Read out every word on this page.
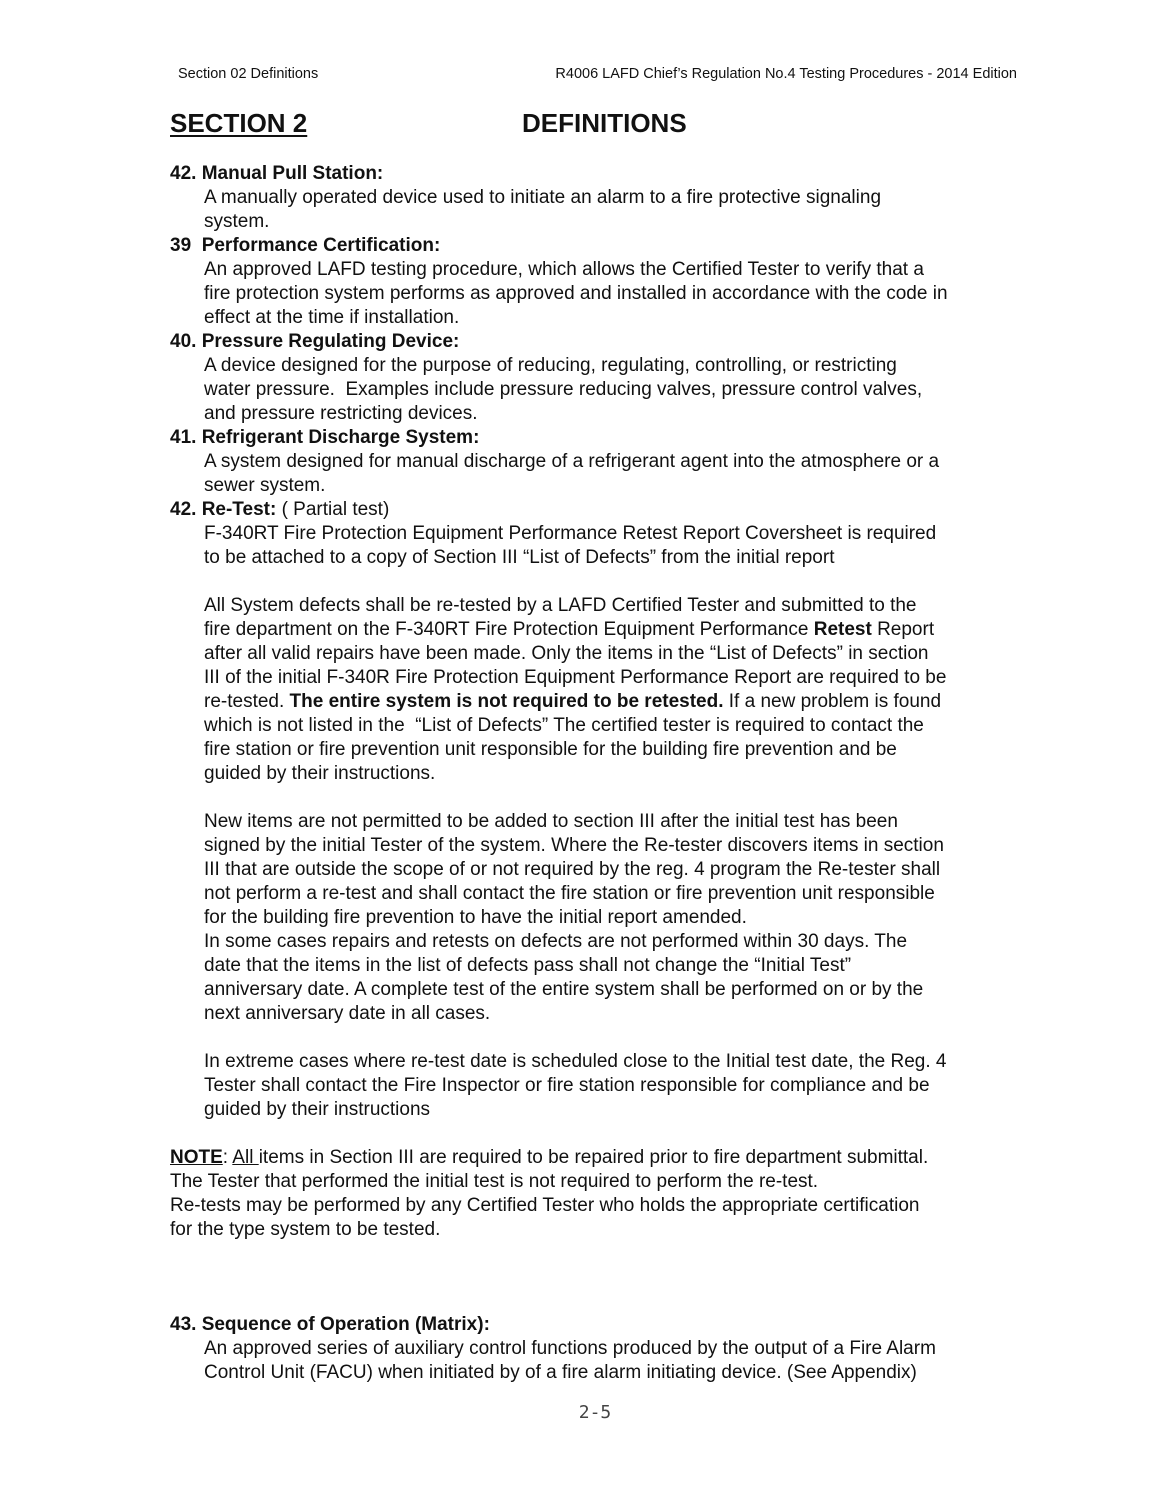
Section 02 Definitions	R4006 LAFD Chief’s Regulation No.4 Testing Procedures - 2014 Edition
SECTION 2	DEFINITIONS
42. Manual Pull Station:
A manually operated device used to initiate an alarm to a fire protective signaling
system.
39  Performance Certification:
An approved LAFD testing procedure, which allows the Certified Tester to verify that a
fire protection system performs as approved and installed in accordance with the code in
effect at the time if installation.
40. Pressure Regulating Device:
A device designed for the purpose of reducing, regulating, controlling, or restricting
water pressure.  Examples include pressure reducing valves, pressure control valves,
and pressure restricting devices.
41. Refrigerant Discharge System:
A system designed for manual discharge of a refrigerant agent into the atmosphere or a
sewer system.
42. Re-Test: ( Partial test)
F-340RT Fire Protection Equipment Performance Retest Report Coversheet is required
to be attached to a copy of Section III “List of Defects” from the initial report
All System defects shall be re-tested by a LAFD Certified Tester and submitted to the
fire department on the F-340RT Fire Protection Equipment Performance Retest Report
after all valid repairs have been made. Only the items in the “List of Defects” in section
III of the initial F-340R Fire Protection Equipment Performance Report are required to be
re-tested. The entire system is not required to be retested. If a new problem is found
which is not listed in the  “List of Defects” The certified tester is required to contact the
fire station or fire prevention unit responsible for the building fire prevention and be
guided by their instructions.
New items are not permitted to be added to section III after the initial test has been
signed by the initial Tester of the system. Where the Re-tester discovers items in section
III that are outside the scope of or not required by the reg. 4 program the Re-tester shall
not perform a re-test and shall contact the fire station or fire prevention unit responsible
for the building fire prevention to have the initial report amended.
In some cases repairs and retests on defects are not performed within 30 days. The
date that the items in the list of defects pass shall not change the “Initial Test”
anniversary date. A complete test of the entire system shall be performed on or by the
next anniversary date in all cases.
In extreme cases where re-test date is scheduled close to the Initial test date, the Reg. 4
Tester shall contact the Fire Inspector or fire station responsible for compliance and be
guided by their instructions
NOTE: All items in Section III are required to be repaired prior to fire department submittal.
The Tester that performed the initial test is not required to perform the re-test.
Re-tests may be performed by any Certified Tester who holds the appropriate certification
for the type system to be tested.
43. Sequence of Operation (Matrix):
An approved series of auxiliary control functions produced by the output of a Fire Alarm
Control Unit (FACU) when initiated by of a fire alarm initiating device. (See Appendix)
2-5
